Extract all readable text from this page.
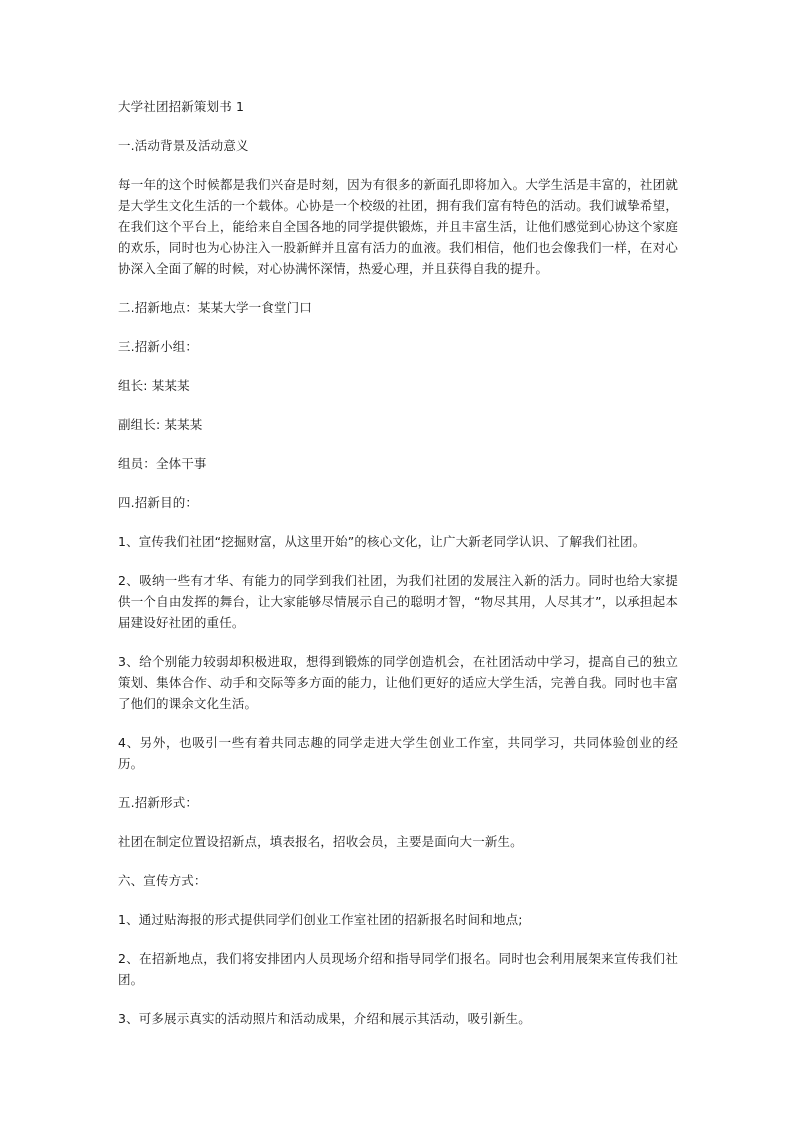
大学社团招新策划书 1

一.活动背景及活动意义

每一年的这个时候都是我们兴奋是时刻，因为有很多的新面孔即将加入。大学生活是丰富的，社团就是大学生文化生活的一个载体。心协是一个校级的社团，拥有我们富有特色的活动。我们诚挚希望，在我们这个平台上，能给来自全国各地的同学提供锻炼，并且丰富生活，让他们感觉到心协这个家庭的欢乐，同时也为心协注入一股新鲜并且富有活力的血液。我们相信，他们也会像我们一样，在对心协深入全面了解的时候，对心协满怀深情，热爱心理，并且获得自我的提升。

二.招新地点：某某大学一食堂门口

三.招新小组：

组长: 某某某

副组长: 某某某

组员：全体干事

四.招新目的：

1、宣传我们社团“挖掘财富，从这里开始”的核心文化，让广大新老同学认识、了解我们社团。

2、吸纳一些有才华、有能力的同学到我们社团，为我们社团的发展注入新的活力。同时也给大家提供一个自由发挥的舞台，让大家能够尽情展示自己的聪明才智，“物尽其用，人尽其才”，以承担起本届建设好社团的重任。

3、给个别能力较弱却积极进取，想得到锻炼的同学创造机会，在社团活动中学习，提高自己的独立策划、集体合作、动手和交际等多方面的能力，让他们更好的适应大学生活，完善自我。同时也丰富了他们的课余文化生活。

4、另外，也吸引一些有着共同志趣的同学走进大学生创业工作室，共同学习，共同体验创业的经历。

五.招新形式：

社团在制定位置设招新点，填表报名，招收会员，主要是面向大一新生。

六、宣传方式：

1、通过贴海报的形式提供同学们创业工作室社团的招新报名时间和地点;

2、在招新地点，我们将安排团内人员现场介绍和指导同学们报名。同时也会利用展架来宣传我们社团。

3、可多展示真实的活动照片和活动成果，介绍和展示其活动，吸引新生。
